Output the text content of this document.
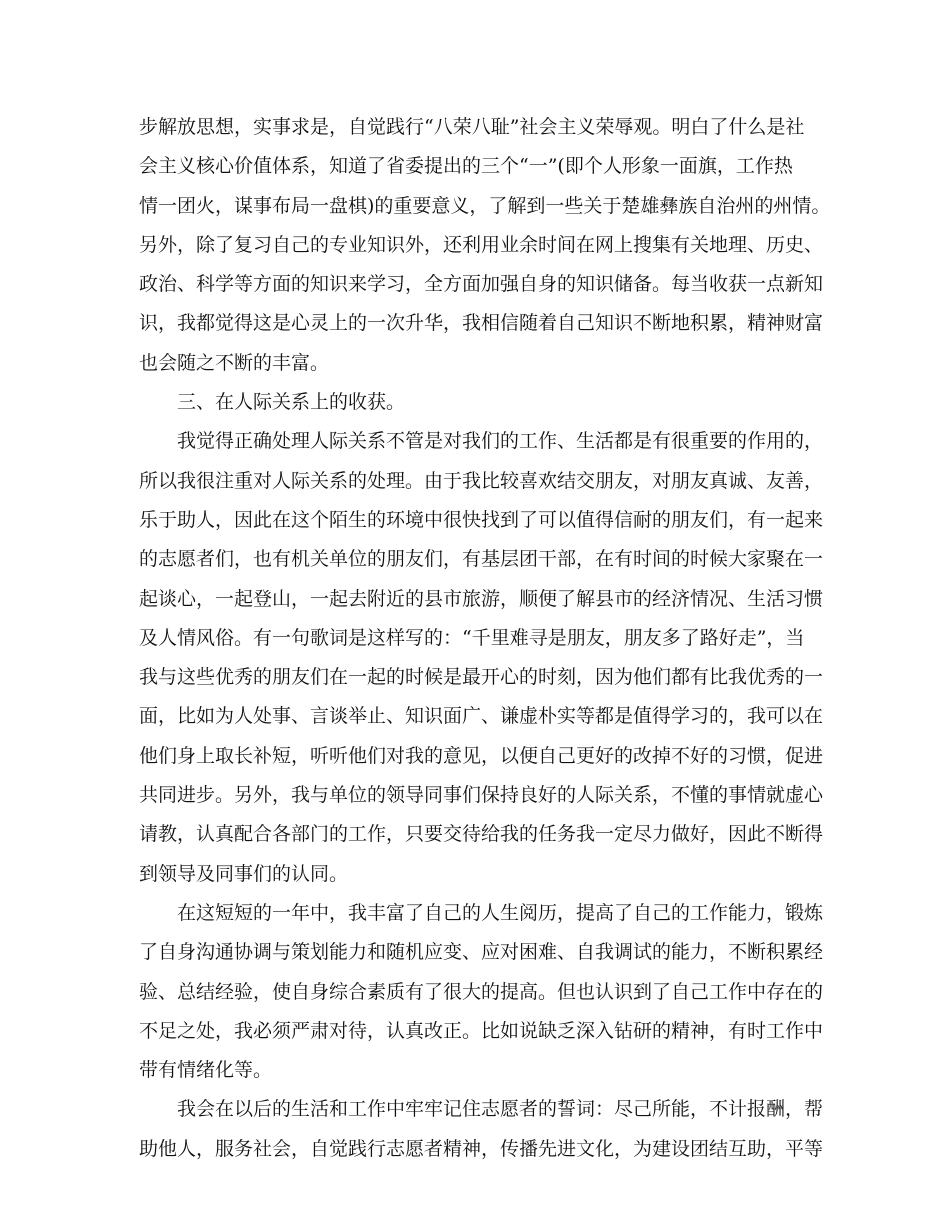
步解放思想，实事求是，自觉践行“八荣八耻”社会主义荣辱观。明白了什么是社
会主义核心价值体系，知道了省委提出的三个“一”(即个人形象一面旗，工作热
情一团火，谋事布局一盘棋)的重要意义，了解到一些关于楚雄彝族自治州的州情。
另外，除了复习自己的专业知识外，还利用业余时间在网上搜集有关地理、历史、
政治、科学等方面的知识来学习，全方面加强自身的知识储备。每当收获一点新知
识，我都觉得这是心灵上的一次升华，我相信随着自己知识不断地积累，精神财富
也会随之不断的丰富。
三、在人际关系上的收获。
我觉得正确处理人际关系不管是对我们的工作、生活都是有很重要的作用的，
所以我很注重对人际关系的处理。由于我比较喜欢结交朋友，对朋友真诚、友善，
乐于助人，因此在这个陌生的环境中很快找到了可以值得信耐的朋友们，有一起来
的志愿者们，也有机关单位的朋友们，有基层团干部，在有时间的时候大家聚在一
起谈心，一起登山，一起去附近的县市旅游，顺便了解县市的经济情况、生活习惯
及人情风俗。有一句歌词是这样写的：“千里难寻是朋友，朋友多了路好走”，当
我与这些优秀的朋友们在一起的时候是最开心的时刻，因为他们都有比我优秀的一
面，比如为人处事、言谈举止、知识面广、谦虚朴实等都是值得学习的，我可以在
他们身上取长补短，听听他们对我的意见，以便自己更好的改掉不好的习惯，促进
共同进步。另外，我与单位的领导同事们保持良好的人际关系，不懂的事情就虚心
请教，认真配合各部门的工作，只要交待给我的任务我一定尽力做好，因此不断得
到领导及同事们的认同。
在这短短的一年中，我丰富了自己的人生阅历，提高了自己的工作能力，锻炼
了自身沟通协调与策划能力和随机应变、应对困难、自我调试的能力，不断积累经
验、总结经验，使自身综合素质有了很大的提高。但也认识到了自己工作中存在的
不足之处，我必须严肃对待，认真改正。比如说缺乏深入钻研的精神，有时工作中
带有情绪化等。
我会在以后的生活和工作中牢牢记住志愿者的誓词：尽己所能，不计报酬，帮
助他人，服务社会，自觉践行志愿者精神，传播先进文化，为建设团结互助，平等
